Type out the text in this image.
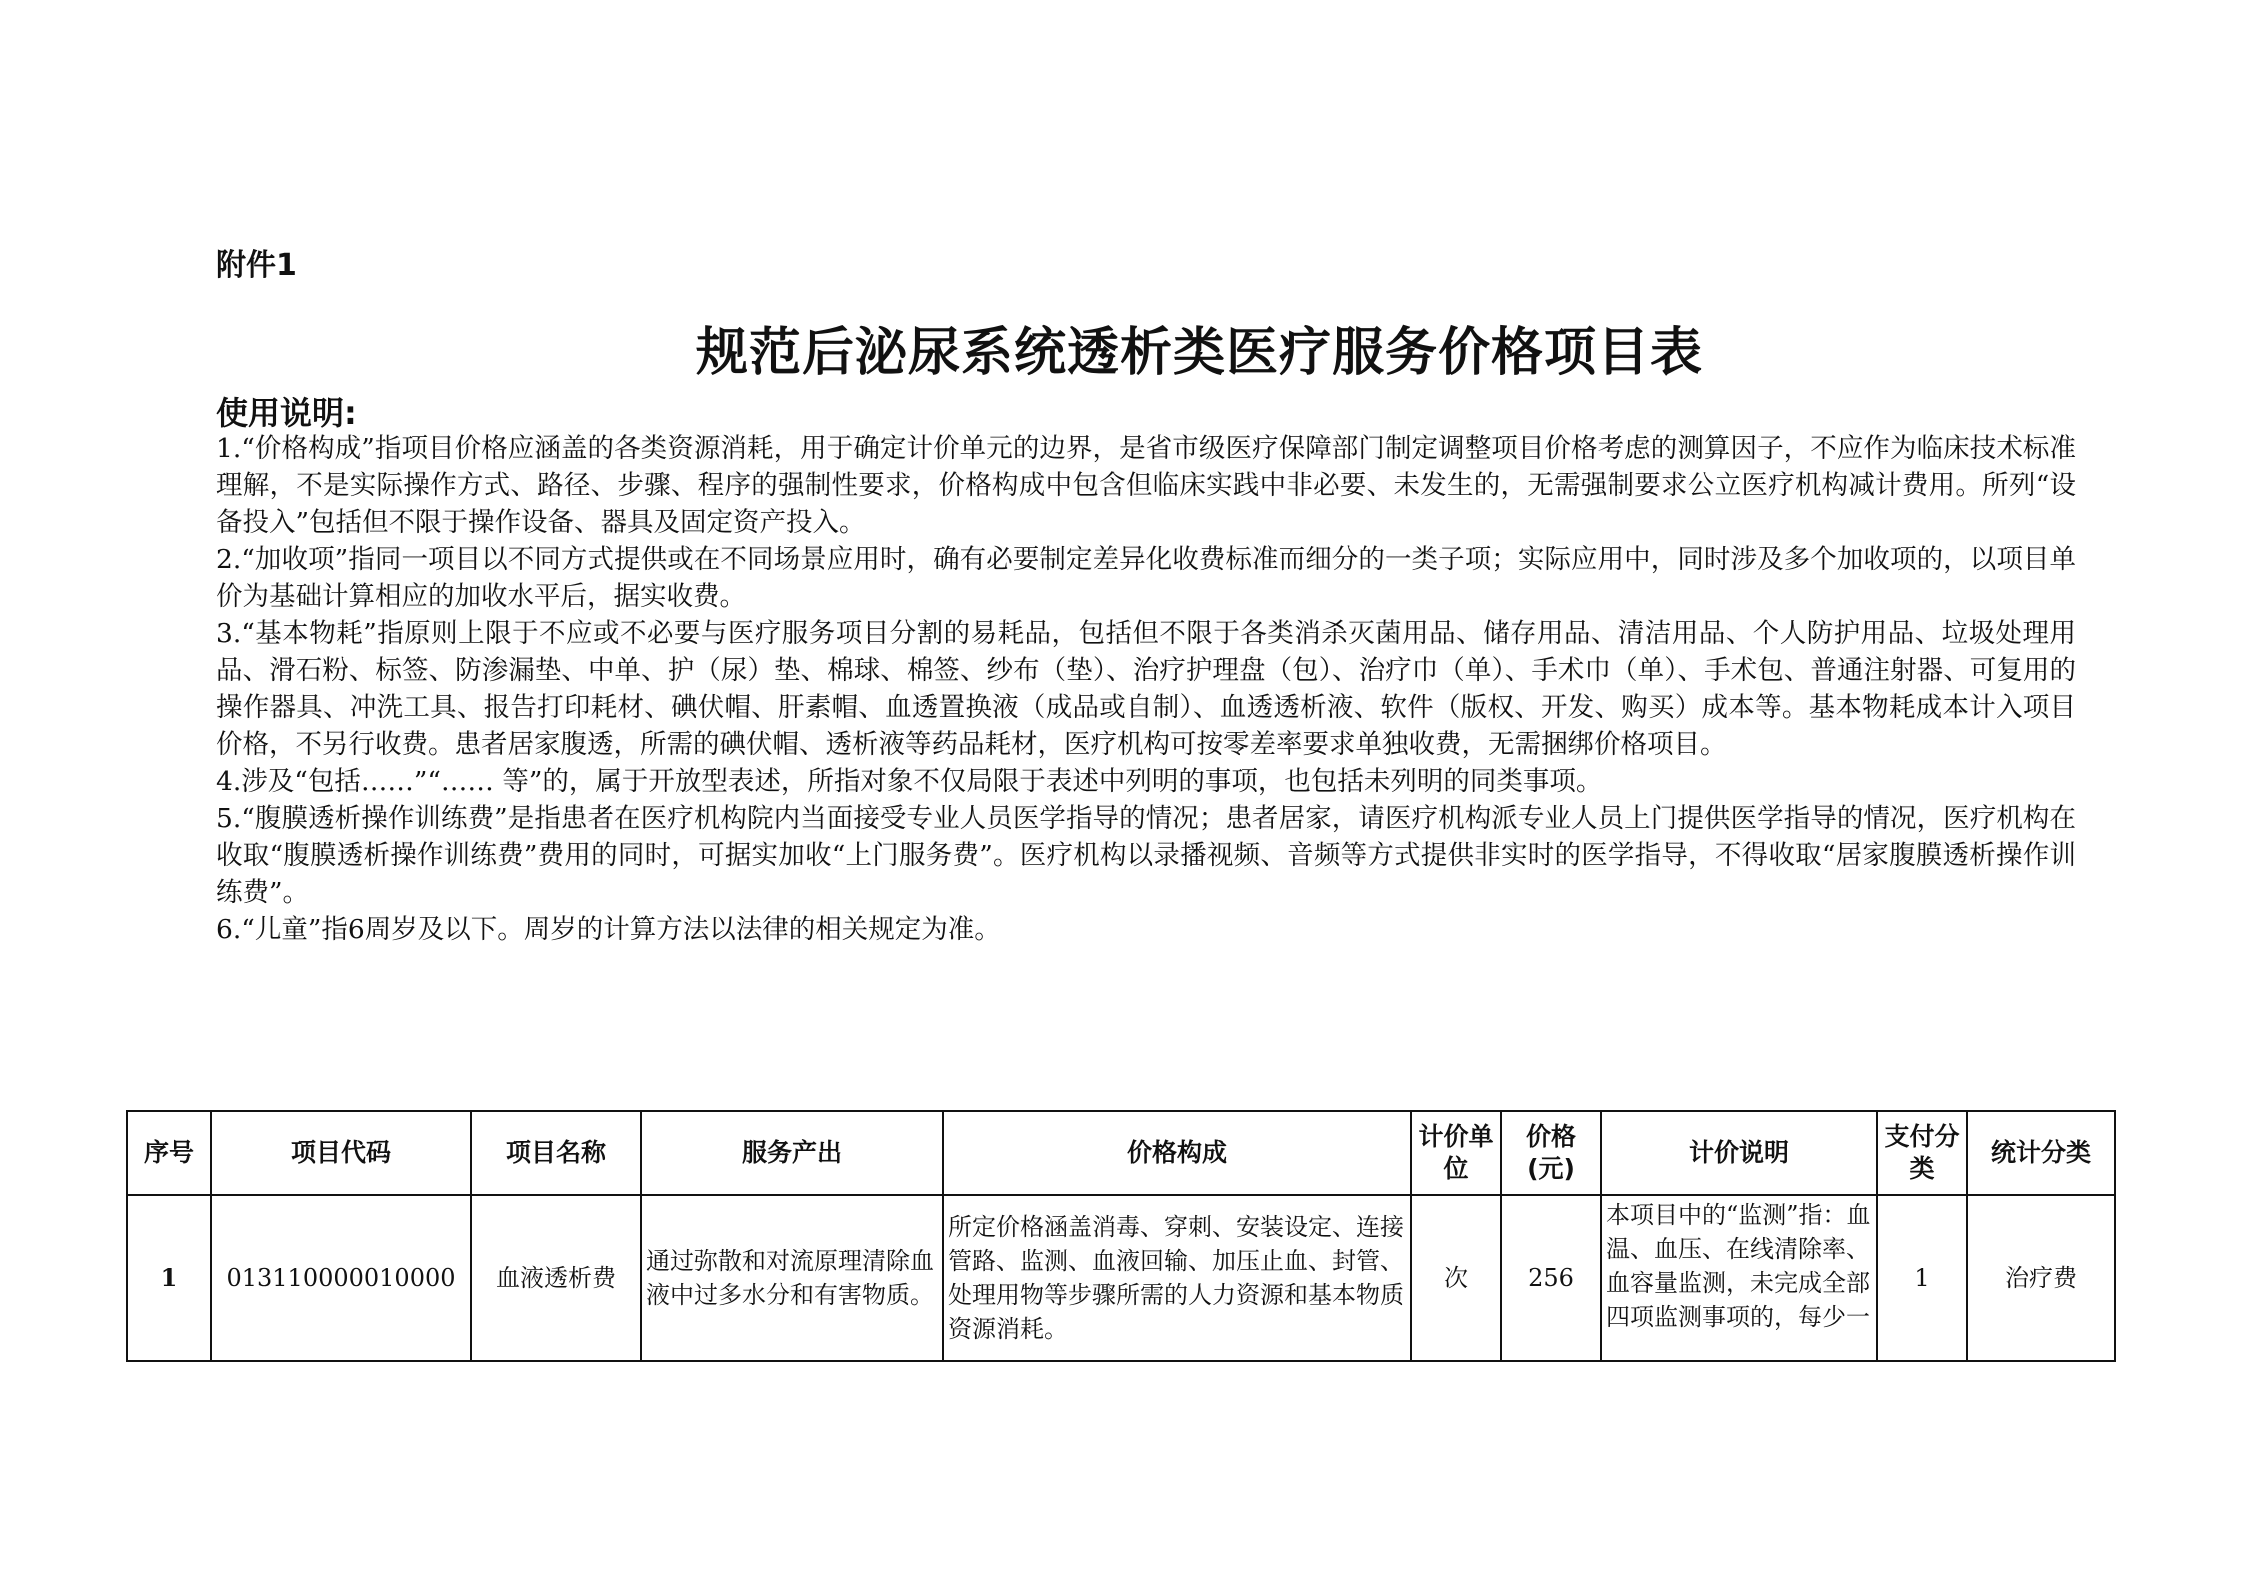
附件1
规范后泌尿系统透析类医疗服务价格项目表
使用说明:

1.“价格构成”指项目价格应涵盖的各类资源消耗，用于确定计价单元的边界，是省市级医疗保障部门制定调整项目价格考虑的测算因子，不应作为临床技术标准理解，不是实际操作方式、路径、步骤、程序的强制性要求，价格构成中包含但临床实践中非必要、未发生的，无需强制要求公立医疗机构减计费用。所列“设备投入”包括但不限于操作设备、器具及固定资产投入。

2.“加收项”指同一项目以不同方式提供或在不同场景应用时，确有必要制定差异化收费标准而细分的一类子项；实际应用中，同时涉及多个加收项的，以项目单价为基础计算相应的加收水平后，据实收费。

3.“基本物耗”指原则上限于不应或不必要与医疗服务项目分割的易耗品，包括但不限于各类消杀灭菌用品、储存用品、清洁用品、个人防护用品、垃圾处理用品、滑石粉、标签、防渗漏垫、中单、护（尿）垫、棉球、棉签、纱布（垫）、治疗护理盘（包）、治疗巾（单）、手术巾（单）、手术包、普通注射器、可复用的操作器具、冲洗工具、报告打印耗材、碘伏帽、肝素帽、血透置换液（成品或自制）、血透透析液、软件（版权、开发、购买）成本等。基本物耗成本计入项目价格，不另行收费。患者居家腹透，所需的碘伏帽、透析液等药品耗材，医疗机构可按零差率要求单独收费，无需捆绑价格项目。

4.涉及“包括……”“…… 等”的，属于开放型表述，所指对象不仅局限于表述中列明的事项，也包括未列明的同类事项。

5.“腹膜透析操作训练费”是指患者在医疗机构院内当面接受专业人员医学指导的情况；患者居家，请医疗机构派专业人员上门提供医学指导的情况，医疗机构在收取“腹膜透析操作训练费”费用的同时，可据实加收“上门服务费”。医疗机构以录播视频、音频等方式提供非实时的医学指导，不得收取“居家腹膜透析操作训练费”。

6.“儿童”指6周岁及以下。周岁的计算方法以法律的相关规定为准。

序号	项目代码	项目名称	服务产出	价格构成	计价单位	价格(元)	计价说明	支付分类	统计分类
1	013110000010000	血液透析费	通过弥散和对流原理清除血液中过多水分和有害物质。	所定价格涵盖消毒、穿刺、安装设定、连接管路、监测、血液回输、加压止血、封管、处理用物等步骤所需的人力资源和基本物质资源消耗。	次	256	本项目中的“监测”指：血温、血压、在线清除率、血容量监测，未完成全部四项监测事项的，每少一	1	治疗费
